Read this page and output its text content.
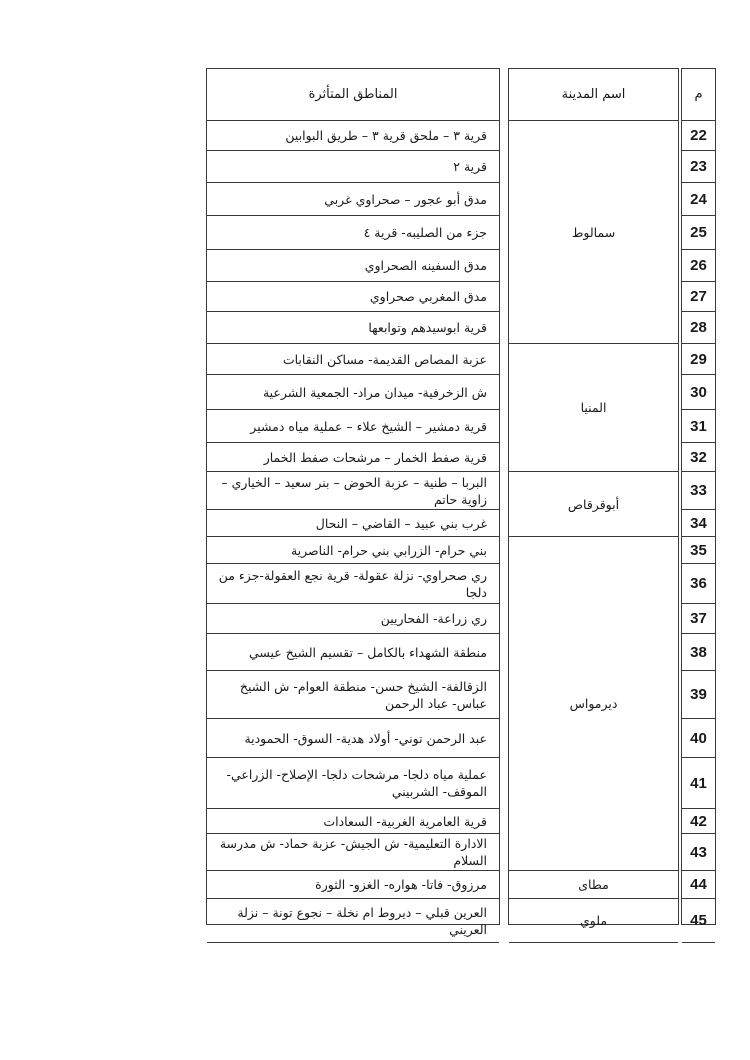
المناطق المتأثرة
قرية ٣ – ملحق قرية ٣ – طريق البوابين
قرية ٢
مدق أبو عجور – صحراوي غربي
جزء من الصليبه- قرية ٤
مدق السفينه الصحراوي
مدق المغربي صحراوي
قرية ابوسيدهم وتوابعها
عزبة المصاص القديمة- مساكن النقابات
ش الزخرفية- ميدان مراد- الجمعية الشرعية
قرية دمشير – الشيخ علاء – عملية مياه دمشير
قرية صفط الخمار – مرشحات صفط الخمار
البربا – طنية – عزبة الحوض – بنر سعيد – الخياري – زاوية حاتم
غرب بني عبيد – القاضي – النحال
بني حرام- الزرابي بني حرام- الناصرية
ري صحراوي- نزلة عقولة- قرية نجع العقولة-جزء من دلجا
ري زراعة- الفحاريين
منطقة الشهداء بالكامل – تقسيم الشيخ عيسي
الزقالفة- الشيخ حسن- منطقة العوام- ش الشيخ عباس- عباد الرحمن
عبد الرحمن توني- أولاد هدية- السوق- الحمودية
عملية مياه دلجا- مرشحات دلجا- الإصلاح- الزراعي- الموقف- الشربيني
قرية العامرية الغربية- السعادات
الادارة التعليمية- ش الجيش- عزبة حماد- ش مدرسة السلام
مرزوق- فاتا- هواره- الغزو- الثورة
العرين قبلي – ديروط ام نخلة – نجوع تونة – نزلة العريني
اسم المدينة
سمالوط
المنيا
أبوقرقاص
ديرمواس
مطاى
ملوي
م
22
23
24
25
26
27
28
29
30
31
32
33
34
35
36
37
38
39
40
41
42
43
44
45
